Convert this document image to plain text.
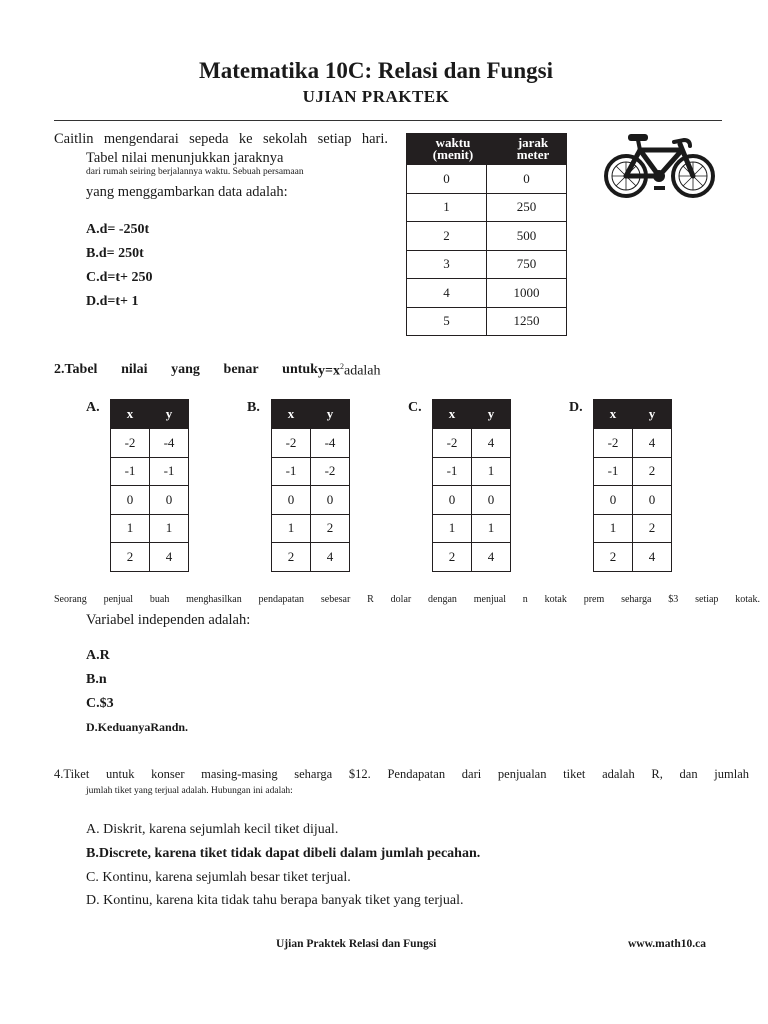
Matematika 10C: Relasi dan Fungsi
UJIAN PRAKTEK
Caitlin mengendarai sepeda ke sekolah setiap hari.
Tabel nilai menunjukkan jaraknya
dari rumah seiring berjalannya waktu. Sebuah persamaan
yang menggambarkan data adalah:
A.d= -250t
B.d= 250t
C.d=t+ 250
D.d=t+ 1
waktu
(menit)	jarak
meter
0	0
1	250
2	500
3	750
4	1000
5	1250
2.Tabel nilai yang benar untuk $y=x^2adalah$
A.	B.	C.	D.
x	y
-2	-4
-1	-1
0	0
1	1
2	4
x	y
-2	-4
-1	-2
0	0
1	2
2	4
x	y
-2	4
-1	1
0	0
1	1
2	4
x	y
-2	4
-1	2
0	0
1	2
2	4
Seorang penjual buah menghasilkan pendapatan sebesar R dolar dengan menjual n kotak prem seharga $3 setiap kotak.
Variabel independen adalah:
A.R
B.n
C.$3
D.KeduanyaRandn.
4.Tiket untuk konser masing-masing seharga $12. Pendapatan dari penjualan tiket adalah R, dan jumlah
jumlah tiket yang terjual adalah. Hubungan ini adalah:
A. Diskrit, karena sejumlah kecil tiket dijual.
B.Discrete, karena tiket tidak dapat dibeli dalam jumlah pecahan.
C. Kontinu, karena sejumlah besar tiket terjual.
D. Kontinu, karena kita tidak tahu berapa banyak tiket yang terjual.
Ujian Praktek Relasi dan Fungsi	www.math10.ca
